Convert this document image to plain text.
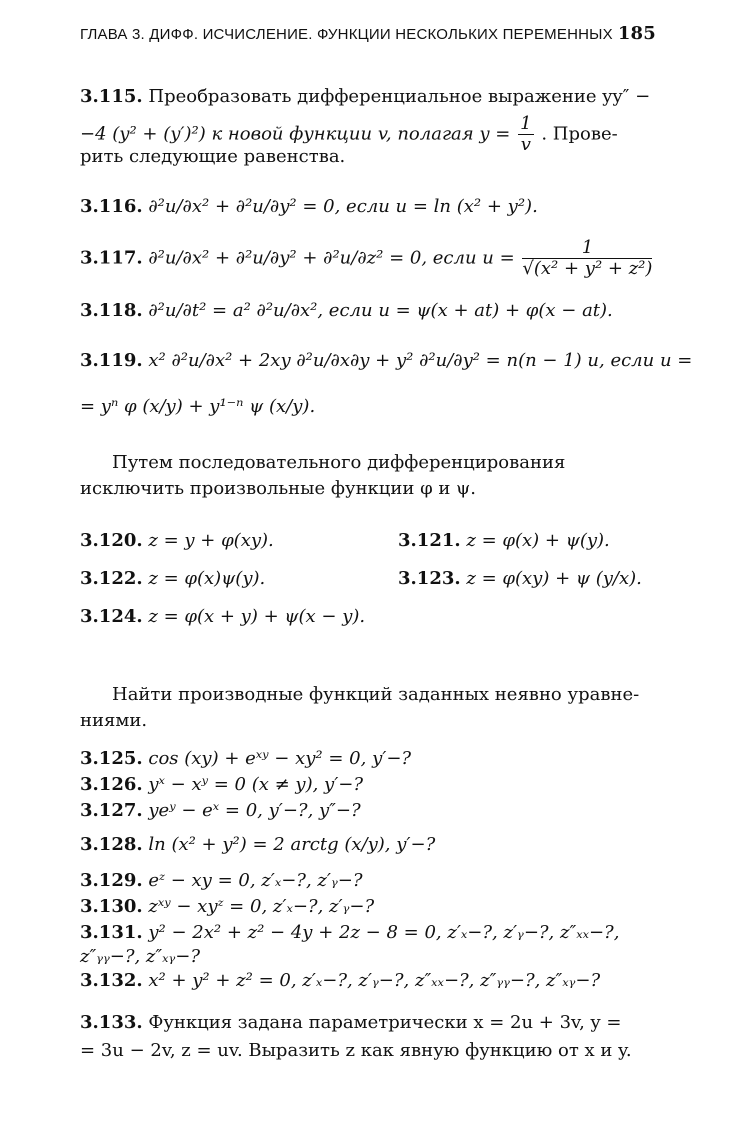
ГЛАВА 3. ДИФФ. ИСЧИСЛЕНИЕ. ФУНКЦИИ НЕСКОЛЬКИХ ПЕРЕМЕННЫХ 185
3.115. Преобразовать дифференциальное выражение yy″ −
−4 (y² + (y′)²) к новой функции v, полагая $y = \frac{1}{v}$ . Прове-
рить следующие равенства.
3.116. ∂²u/∂x² + ∂²u/∂y² = 0, если u = ln (x² + y²).
3.117. ∂²u/∂x² + ∂²u/∂y² + ∂²u/∂z² = 0, если $u = \frac{1}{\text{√(x² + y² + z²)}}$
3.118. ∂²u/∂t² = a² ∂²u/∂x², если u = ψ(x + at) + φ(x − at).
3.119. x² ∂²u/∂x² + 2xy ∂²u/∂x∂y + y² ∂²u/∂y² = n(n − 1) u, если u =
= yⁿ φ (x/y) + y¹⁻ⁿ ψ (x/y).
Путем последовательного дифференцирования исключить произвольные функции φ и ψ.
3.120. z = y + φ(xy).	3.121. z = φ(x) + ψ(y).
3.122. z = φ(x)ψ(y).	3.123. z = φ(xy) + ψ (y/x).
3.124. z = φ(x + y) + ψ(x − y).
Найти производные функций заданных неявно уравне-ниями.
3.125. cos (xy) + eˣʸ − xy² = 0, y′−?
3.126. yˣ − xʸ = 0 (x ≠ y), y′−?
3.127. yeʸ − eˣ = 0, y′−?, y″−?
3.128. ln (x² + y²) = 2 arctg (x/y), y′−?
3.129. eᶻ − xy = 0, z′ₓ−?, z′ᵧ−?
3.130. zˣʸ − xyᶻ = 0, z′ₓ−?, z′ᵧ−?
3.131. y² − 2x² + z² − 4y + 2z − 8 = 0, z′ₓ−?, z′ᵧ−?, z″ₓₓ−?,
z″ᵧᵧ−?, z″ₓᵧ−?
3.132. x² + y² + z² = 0, z′ₓ−?, z′ᵧ−?, z″ₓₓ−?, z″ᵧᵧ−?, z″ₓᵧ−?
3.133. Функция задана параметрически x = 2u + 3v, y =
= 3u − 2v, z = uv. Выразить z как явную функцию от x и y.
